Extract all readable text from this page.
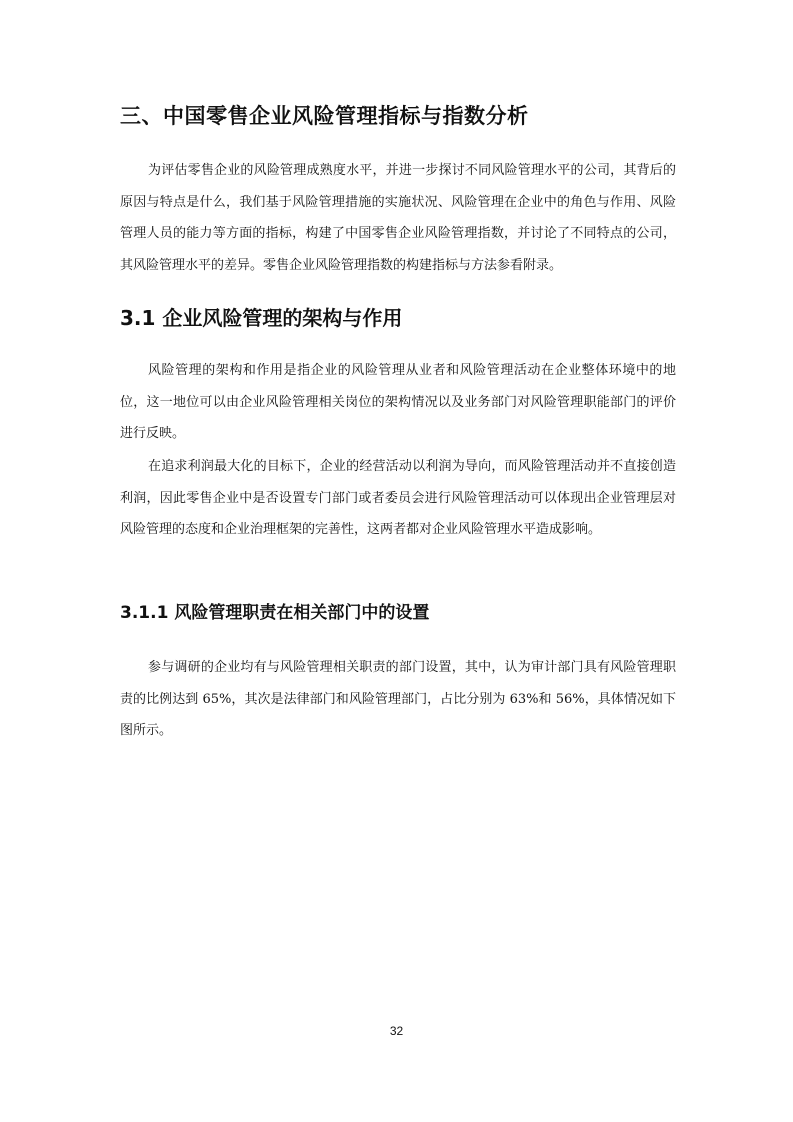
三、中国零售企业风险管理指标与指数分析

为评估零售企业的风险管理成熟度水平，并进一步探讨不同风险管理水平的公司，其背后的原因与特点是什么，我们基于风险管理措施的实施状况、风险管理在企业中的角色与作用、风险管理人员的能力等方面的指标，构建了中国零售企业风险管理指数，并讨论了不同特点的公司，其风险管理水平的差异。零售企业风险管理指数的构建指标与方法参看附录。

3.1 企业风险管理的架构与作用

风险管理的架构和作用是指企业的风险管理从业者和风险管理活动在企业整体环境中的地位，这一地位可以由企业风险管理相关岗位的架构情况以及业务部门对风险管理职能部门的评价进行反映。

在追求利润最大化的目标下，企业的经营活动以利润为导向，而风险管理活动并不直接创造利润，因此零售企业中是否设置专门部门或者委员会进行风险管理活动可以体现出企业管理层对风险管理的态度和企业治理框架的完善性，这两者都对企业风险管理水平造成影响。

3.1.1 风险管理职责在相关部门中的设置

参与调研的企业均有与风险管理相关职责的部门设置，其中，认为审计部门具有风险管理职责的比例达到 65%，其次是法律部门和风险管理部门，占比分别为 63%和 56%，具体情况如下图所示。

32
